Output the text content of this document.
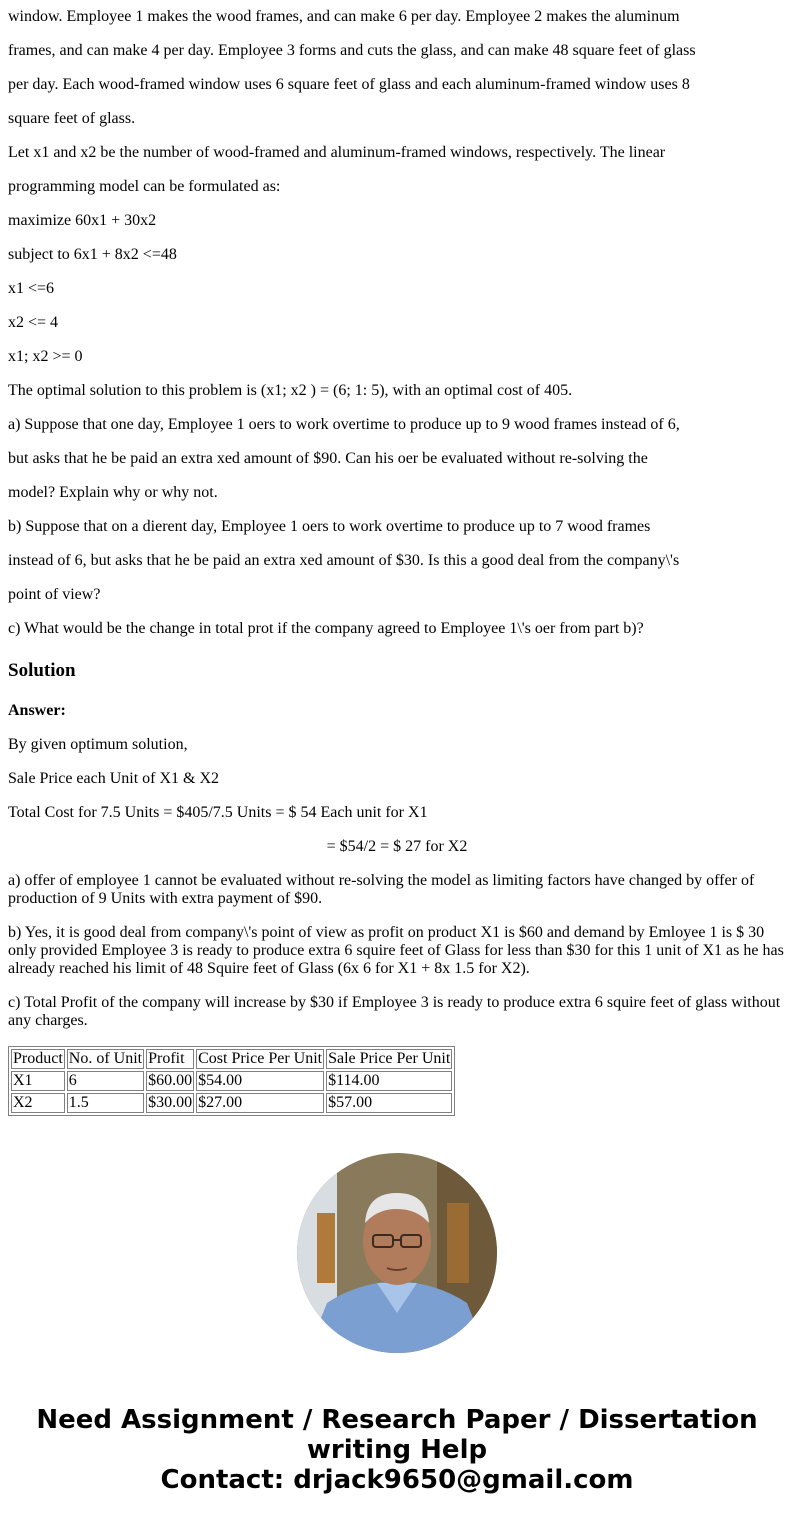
window. Employee 1 makes the wood frames, and can make 6 per day. Employee 2 makes the aluminum

frames, and can make 4 per day. Employee 3 forms and cuts the glass, and can make 48 square feet of glass

per day. Each wood-framed window uses 6 square feet of glass and each aluminum-framed window uses 8

square feet of glass.

Let x1 and x2 be the number of wood-framed and aluminum-framed windows, respectively. The linear

programming model can be formulated as:

maximize 60x1 + 30x2

subject to 6x1 + 8x2 <=48

x1 <=6

x2 <= 4

x1; x2 >= 0

The optimal solution to this problem is (x1; x2 ) = (6; 1: 5), with an optimal cost of 405.

a) Suppose that one day, Employee 1 oers to work overtime to produce up to 9 wood frames instead of 6,

but asks that he be paid an extra xed amount of $90. Can his oer be evaluated without re-solving the

model? Explain why or why not.

b) Suppose that on a dierent day, Employee 1 oers to work overtime to produce up to 7 wood frames

instead of 6, but asks that he be paid an extra xed amount of $30. Is this a good deal from the company\'s

point of view?

c) What would be the change in total prot if the company agreed to Employee 1\'s oer from part b)?

Solution

Answer:

By given optimum solution,

Sale Price each Unit of X1 & X2

Total Cost for 7.5 Units = $405/7.5 Units = $ 54 Each unit for X1

= $54/2 = $ 27 for X2

a) offer of employee 1 cannot be evaluated without re-solving the model as limiting factors have changed by offer of production of 9 Units with extra payment of $90.

b) Yes, it is good deal from company\'s point of view as profit on product X1 is $60 and demand by Emloyee 1 is $ 30 only provided Employee 3 is ready to produce extra 6 squire feet of Glass for less than $30 for this 1 unit of X1 as he has already reached his limit of 48 Squire feet of Glass (6x 6 for X1 + 8x 1.5 for X2).

c) Total Profit of the company will increase by $30 if Employee 3 is ready to produce extra 6 squire feet of glass without any charges.

Product	No. of Unit	Profit	Cost Price Per Unit	Sale Price Per Unit
X1	6	$60.00	$54.00	$114.00
X2	1.5	$30.00	$27.00	$57.00
Need Assignment / Research Paper / Dissertation
writing Help
Contact: drjack9650@gmail.com
